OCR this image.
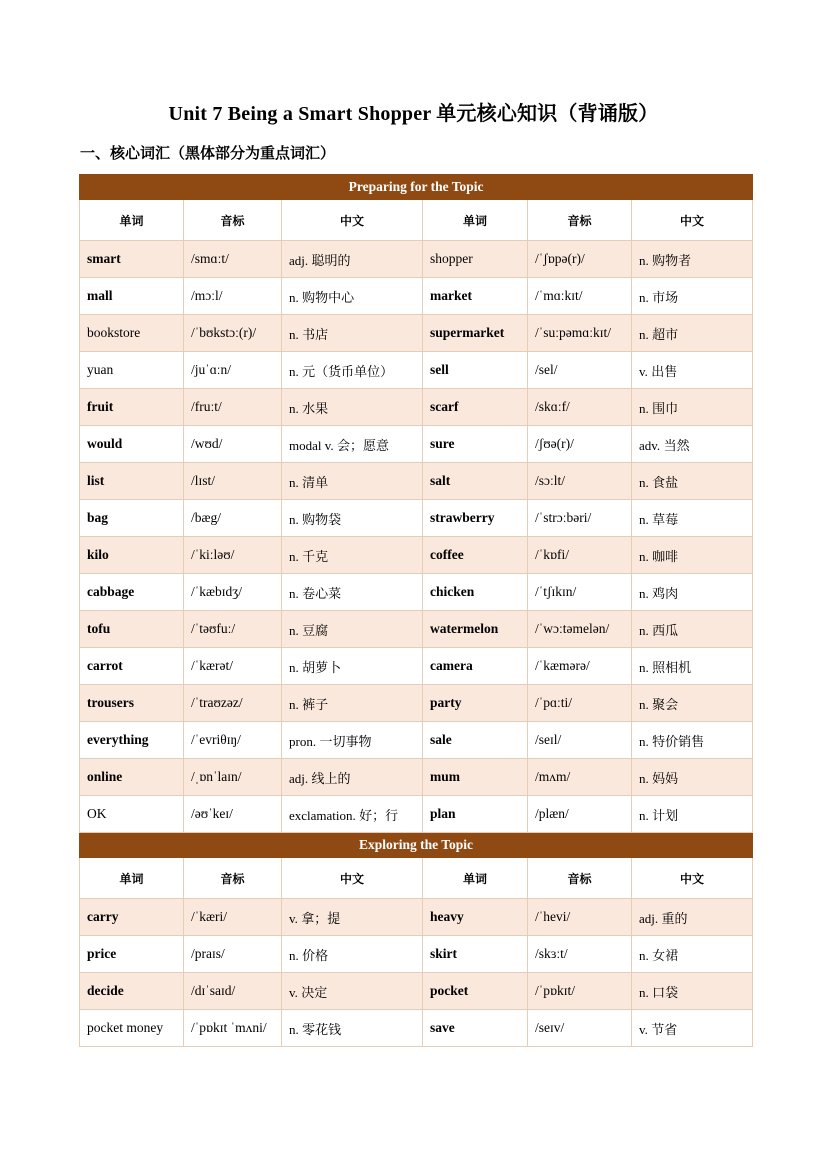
Unit 7 Being a Smart Shopper 单元核心知识（背诵版）
一、核心词汇（黑体部分为重点词汇）
Preparing for the Topic					
单词	音标	中文	单词	音标	中文
smart	/smɑːt/	adj. 聪明的	shopper	/ˈʃɒpə(r)/	n. 购物者
mall	/mɔːl/	n. 购物中心	market	/ˈmɑːkɪt/	n. 市场
bookstore	/ˈbʊkstɔː(r)/	n. 书店	supermarket	/ˈsuːpəmɑːkɪt/	n. 超市
yuan	/juˈɑːn/	n. 元（货币单位）	sell	/sel/	v. 出售
fruit	/fruːt/	n. 水果	scarf	/skɑːf/	n. 围巾
would	/wʊd/	modal v. 会；愿意	sure	/ʃʊə(r)/	adv. 当然
list	/lɪst/	n. 清单	salt	/sɔːlt/	n. 食盐
bag	/bæg/	n. 购物袋	strawberry	/ˈstrɔːbəri/	n. 草莓
kilo	/ˈkiːləʊ/	n. 千克	coffee	/ˈkɒfi/	n. 咖啡
cabbage	/ˈkæbɪdʒ/	n. 卷心菜	chicken	/ˈtʃɪkɪn/	n. 鸡肉
tofu	/ˈtəʊfuː/	n. 豆腐	watermelon	/ˈwɔːtəmelən/	n. 西瓜
carrot	/ˈkærət/	n. 胡萝卜	camera	/ˈkæmərə/	n. 照相机
trousers	/ˈtraʊzəz/	n. 裤子	party	/ˈpɑːti/	n. 聚会
everything	/ˈevriθɪŋ/	pron. 一切事物	sale	/seɪl/	n. 特价销售
online	/ˌɒnˈlaɪn/	adj. 线上的	mum	/mʌm/	n. 妈妈
OK	/əʊˈkeɪ/	exclamation. 好；行	plan	/plæn/	n. 计划
Exploring the Topic					
单词	音标	中文	单词	音标	中文
carry	/ˈkæri/	v. 拿；提	heavy	/ˈhevi/	adj. 重的
price	/praɪs/	n. 价格	skirt	/skɜːt/	n. 女裙
decide	/dɪˈsaɪd/	v. 决定	pocket	/ˈpɒkɪt/	n. 口袋
pocket money	/ˈpɒkɪt ˈmʌni/	n. 零花钱	save	/seɪv/	v. 节省
